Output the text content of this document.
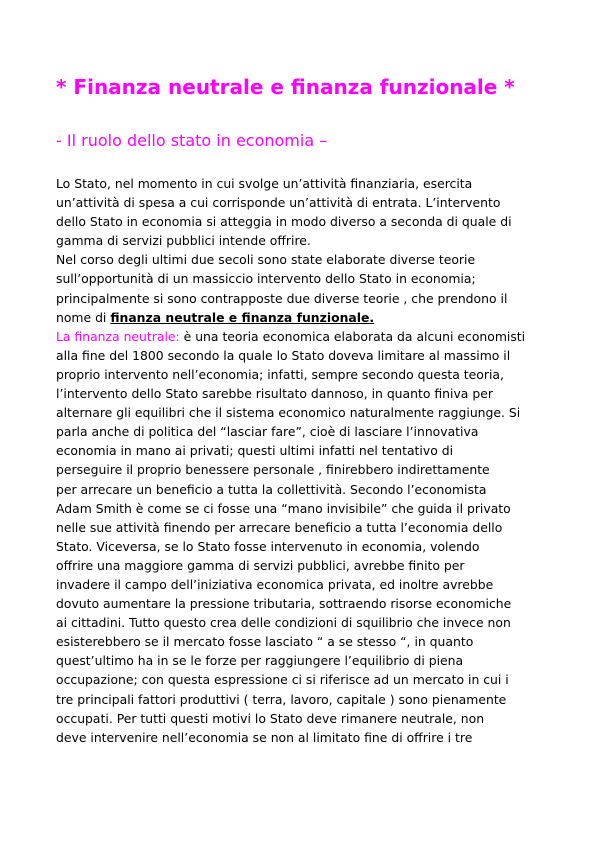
* Finanza neutrale e finanza funzionale *
- Il ruolo dello stato in economia –
Lo Stato, nel momento in cui svolge un’attività finanziaria, esercita
un’attività di spesa a cui corrisponde un’attività di entrata. L’intervento
dello Stato in economia si atteggia in modo diverso a seconda di quale di
gamma di servizi pubblici intende offrire.
Nel corso degli ultimi due secoli sono state elaborate diverse teorie
sull’opportunità di un massiccio intervento dello Stato in economia;
principalmente si sono contrapposte due diverse teorie , che prendono il
nome di finanza neutrale e finanza funzionale.
La finanza neutrale: è una teoria economica elaborata da alcuni economisti
alla fine del 1800 secondo la quale lo Stato doveva limitare al massimo il
proprio intervento nell’economia; infatti, sempre secondo questa teoria,
l’intervento dello Stato sarebbe risultato dannoso, in quanto finiva per
alternare gli equilibri che il sistema economico naturalmente raggiunge. Si
parla anche di politica del “lasciar fare”, cioè di lasciare l’innovativa
economia in mano ai privati; questi ultimi infatti nel tentativo di
perseguire il proprio benessere personale , finirebbero indirettamente
per arrecare un beneficio a tutta la collettività. Secondo l’economista
Adam Smith è come se ci fosse una “mano invisibile” che guida il privato
nelle sue attività finendo per arrecare beneficio a tutta l’economia dello
Stato. Viceversa, se lo Stato fosse intervenuto in economia, volendo
offrire una maggiore gamma di servizi pubblici, avrebbe finito per
invadere il campo dell’iniziativa economica privata, ed inoltre avrebbe
dovuto aumentare la pressione tributaria, sottraendo risorse economiche
ai cittadini. Tutto questo crea delle condizioni di squilibrio che invece non
esisterebbero se il mercato fosse lasciato “ a se stesso “, in quanto
quest’ultimo ha in se le forze per raggiungere l’equilibrio di piena
occupazione; con questa espressione ci si riferisce ad un mercato in cui i
tre principali fattori produttivi ( terra, lavoro, capitale ) sono pienamente
occupati. Per tutti questi motivi lo Stato deve rimanere neutrale, non
deve intervenire nell’economia se non al limitato fine di offrire i tre
